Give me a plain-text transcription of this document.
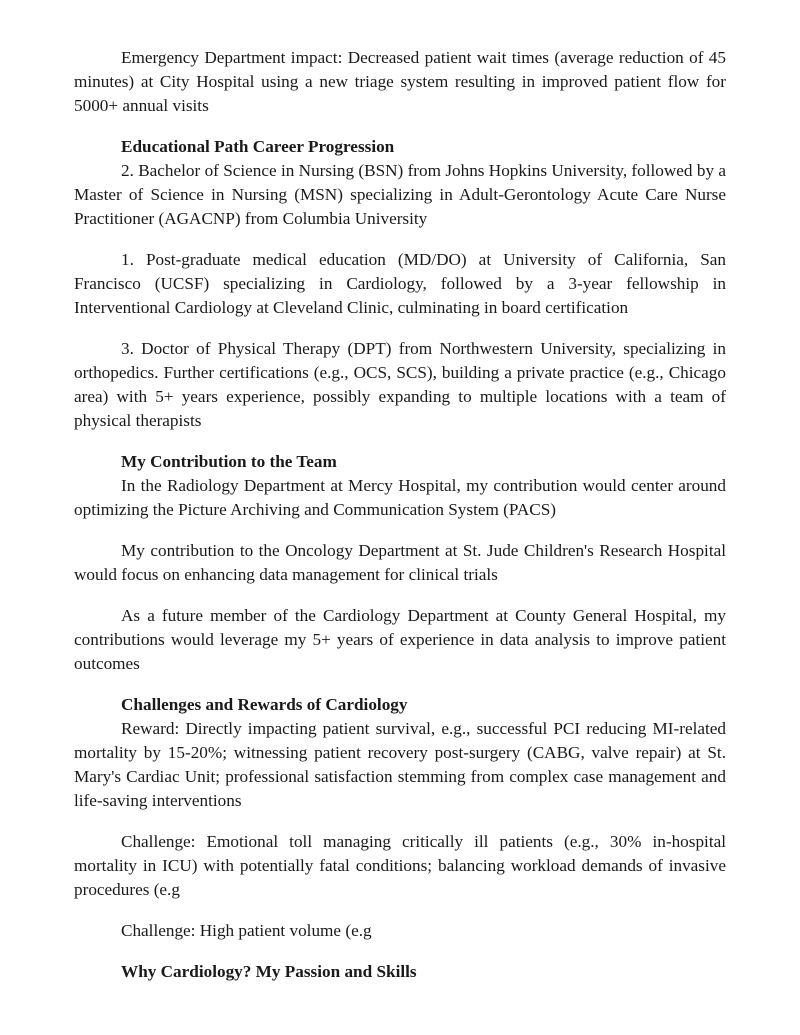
Emergency Department impact: Decreased patient wait times (average reduction of 45 minutes) at City Hospital using a new triage system resulting in improved patient flow for 5000+ annual visits

Educational Path Career Progression

2. Bachelor of Science in Nursing (BSN) from Johns Hopkins University, followed by a Master of Science in Nursing (MSN) specializing in Adult-Gerontology Acute Care Nurse Practitioner (AGACNP) from Columbia University

1. Post-graduate medical education (MD/DO) at University of California, San Francisco (UCSF) specializing in Cardiology, followed by a 3-year fellowship in Interventional Cardiology at Cleveland Clinic, culminating in board certification

3. Doctor of Physical Therapy (DPT) from Northwestern University, specializing in orthopedics. Further certifications (e.g., OCS, SCS), building a private practice (e.g., Chicago area) with 5+ years experience, possibly expanding to multiple locations with a team of physical therapists

My Contribution to the Team

In the Radiology Department at Mercy Hospital, my contribution would center around optimizing the Picture Archiving and Communication System (PACS)

My contribution to the Oncology Department at St. Jude Children's Research Hospital would focus on enhancing data management for clinical trials

As a future member of the Cardiology Department at County General Hospital, my contributions would leverage my 5+ years of experience in data analysis to improve patient outcomes

Challenges and Rewards of Cardiology

Reward: Directly impacting patient survival, e.g., successful PCI reducing MI-related mortality by 15-20%; witnessing patient recovery post-surgery (CABG, valve repair) at St. Mary's Cardiac Unit; professional satisfaction stemming from complex case management and life-saving interventions

Challenge: Emotional toll managing critically ill patients (e.g., 30% in-hospital mortality in ICU) with potentially fatal conditions; balancing workload demands of invasive procedures (e.g

Challenge: High patient volume (e.g

Why Cardiology? My Passion and Skills
